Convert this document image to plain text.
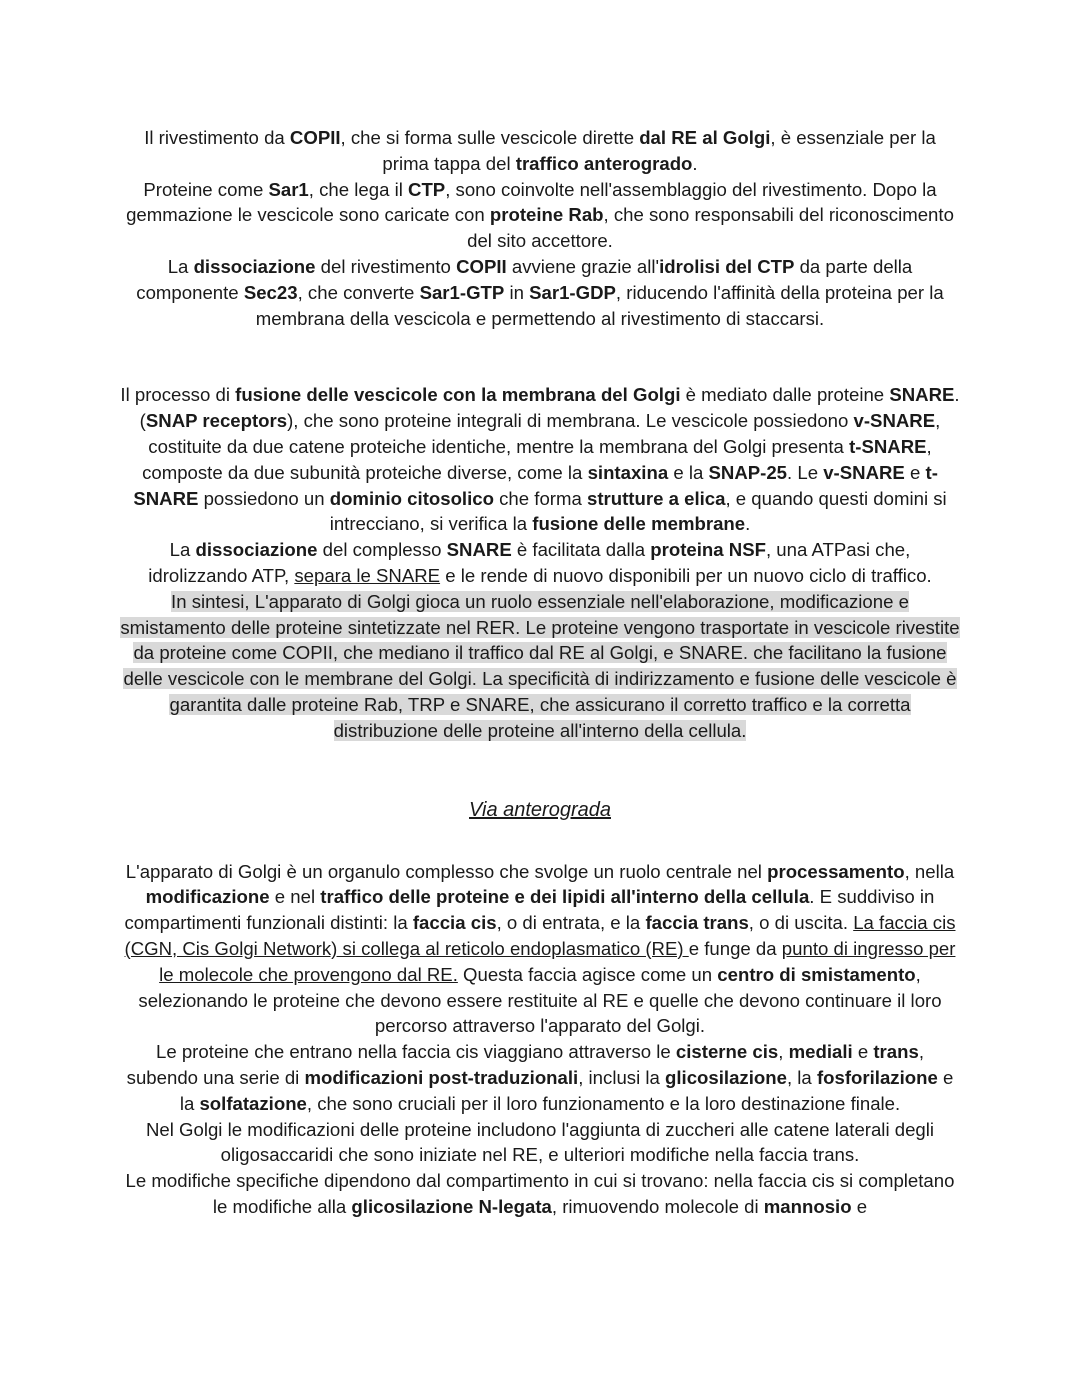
Il rivestimento da COPII, che si forma sulle vescicole dirette dal RE al Golgi, è essenziale per la prima tappa del traffico anterogrado.

Proteine come Sar1, che lega il CTP, sono coinvolte nell'assemblaggio del rivestimento. Dopo la gemmazione le vescicole sono caricate con proteine Rab, che sono responsabili del riconoscimento del sito accettore.

La dissociazione del rivestimento COPII avviene grazie all'idrolisi del CTP da parte della componente Sec23, che converte Sar1-GTP in Sar1-GDP, riducendo l'affinità della proteina per la membrana della vescicola e permettendo al rivestimento di staccarsi.

Il processo di fusione delle vescicole con la membrana del Golgi è mediato dalle proteine SNARE. (SNAP receptors), che sono proteine integrali di membrana. Le vescicole possiedono v-SNARE, costituite da due catene proteiche identiche, mentre la membrana del Golgi presenta t-SNARE, composte da due subunità proteiche diverse, come la sintaxina e la SNAP-25. Le v-SNARE e t-SNARE possiedono un dominio citosolico che forma strutture a elica, e quando questi domini si intrecciano, si verifica la fusione delle membrane.

La dissociazione del complesso SNARE è facilitata dalla proteina NSF, una ATPasi che, idrolizzando ATP, separa le SNARE e le rende di nuovo disponibili per un nuovo ciclo di traffico.

In sintesi, L'apparato di Golgi gioca un ruolo essenziale nell'elaborazione, modificazione e smistamento delle proteine sintetizzate nel RER. Le proteine vengono trasportate in vescicole rivestite da proteine come COPII, che mediano il traffico dal RE al Golgi, e SNARE. che facilitano la fusione delle vescicole con le membrane del Golgi. La specificità di indirizzamento e fusione delle vescicole è garantita dalle proteine Rab, TRP e SNARE, che assicurano il corretto traffico e la corretta distribuzione delle proteine all'interno della cellula.

Via anterograda

L'apparato di Golgi è un organulo complesso che svolge un ruolo centrale nel processamento, nella modificazione e nel traffico delle proteine e dei lipidi all'interno della cellula. E suddiviso in compartimenti funzionali distinti: la faccia cis, o di entrata, e la faccia trans, o di uscita. La faccia cis (CGN, Cis Golgi Network) si collega al reticolo endoplasmatico (RE) e funge da punto di ingresso per le molecole che provengono dal RE. Questa faccia agisce come un centro di smistamento, selezionando le proteine che devono essere restituite al RE e quelle che devono continuare il loro percorso attraverso l'apparato del Golgi.

Le proteine che entrano nella faccia cis viaggiano attraverso le cisterne cis, mediali e trans, subendo una serie di modificazioni post-traduzionali, inclusi la glicosilazione, la fosforilazione e la solfatazione, che sono cruciali per il loro funzionamento e la loro destinazione finale.

Nel Golgi le modificazioni delle proteine includono l'aggiunta di zuccheri alle catene laterali degli oligosaccaridi che sono iniziate nel RE, e ulteriori modifiche nella faccia trans.

Le modifiche specifiche dipendono dal compartimento in cui si trovano: nella faccia cis si completano le modifiche alla glicosilazione N-legata, rimuovendo molecole di mannosio e
